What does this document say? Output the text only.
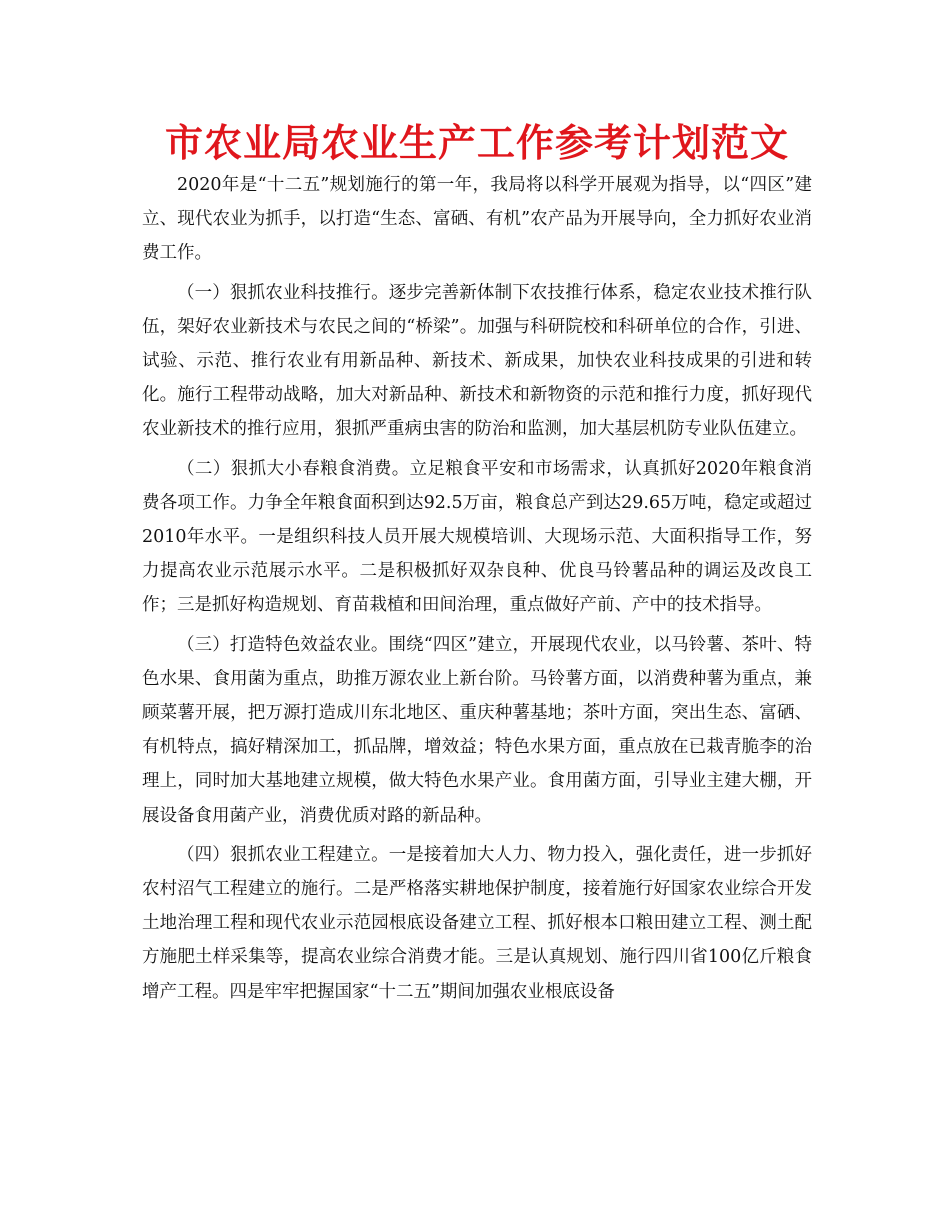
市农业局农业生产工作参考计划范文

2020年是“十二五”规划施行的第一年，我局将以科学开展观为指导，以“四区”建立、现代农业为抓手，以打造“生态、富硒、有机”农产品为开展导向，全力抓好农业消费工作。

（一）狠抓农业科技推行。逐步完善新体制下农技推行体系，稳定农业技术推行队伍，架好农业新技术与农民之间的“桥梁”。加强与科研院校和科研单位的合作，引进、试验、示范、推行农业有用新品种、新技术、新成果，加快农业科技成果的引进和转化。施行工程带动战略，加大对新品种、新技术和新物资的示范和推行力度，抓好现代农业新技术的推行应用，狠抓严重病虫害的防治和监测，加大基层机防专业队伍建立。

（二）狠抓大小春粮食消费。立足粮食平安和市场需求，认真抓好2020年粮食消费各项工作。力争全年粮食面积到达92.5万亩，粮食总产到达29.65万吨，稳定或超过2010年水平。一是组织科技人员开展大规模培训、大现场示范、大面积指导工作，努力提高农业示范展示水平。二是积极抓好双杂良种、优良马铃薯品种的调运及改良工作；三是抓好构造规划、育苗栽植和田间治理，重点做好产前、产中的技术指导。

（三）打造特色效益农业。围绕“四区”建立，开展现代农业，以马铃薯、茶叶、特色水果、食用菌为重点，助推万源农业上新台阶。马铃薯方面，以消费种薯为重点，兼顾菜薯开展，把万源打造成川东北地区、重庆种薯基地；茶叶方面，突出生态、富硒、有机特点，搞好精深加工，抓品牌，增效益；特色水果方面，重点放在已栽青脆李的治理上，同时加大基地建立规模，做大特色水果产业。食用菌方面，引导业主建大棚，开展设备食用菌产业，消费优质对路的新品种。

（四）狠抓农业工程建立。一是接着加大人力、物力投入，强化责任，进一步抓好农村沼气工程建立的施行。二是严格落实耕地保护制度，接着施行好国家农业综合开发土地治理工程和现代农业示范园根底设备建立工程、抓好根本口粮田建立工程、测土配方施肥土样采集等，提高农业综合消费才能。三是认真规划、施行四川省100亿斤粮食增产工程。四是牢牢把握国家“十二五”期间加强农业根底设备
